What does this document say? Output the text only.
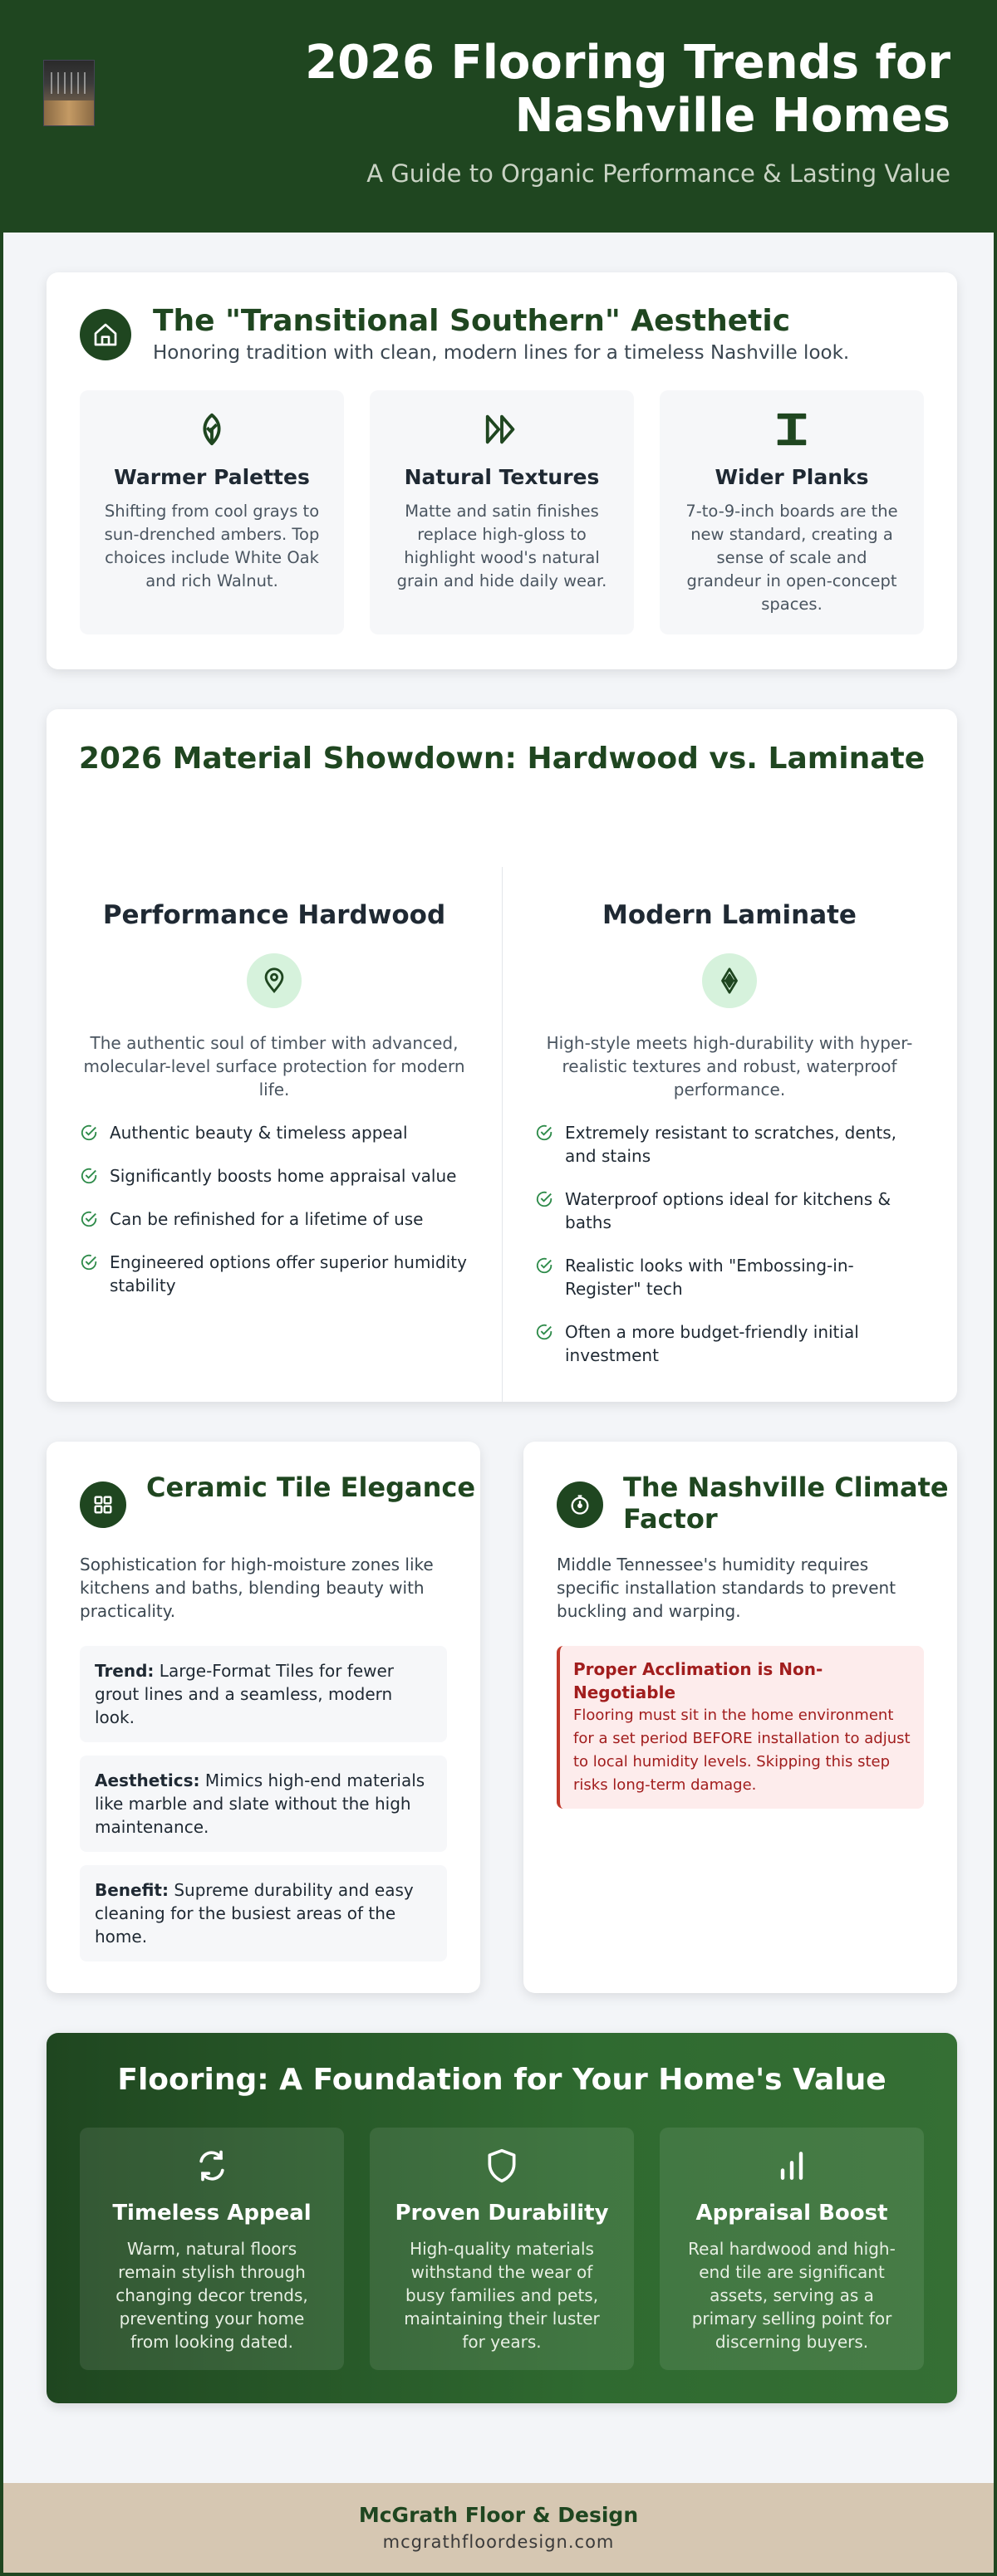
2026 Flooring Trends for Nashville Homes
A Guide to Organic Performance & Lasting Value
The "Transitional Southern" Aesthetic
Honoring tradition with clean, modern lines for a timeless Nashville look.
Warmer Palettes
Shifting from cool grays to sun-drenched ambers. Top choices include White Oak and rich Walnut.
Natural Textures
Matte and satin finishes replace high-gloss to highlight wood's natural grain and hide daily wear.
Wider Planks
7-to-9-inch boards are the new standard, creating a sense of scale and grandeur in open-concept spaces.
2026 Material Showdown: Hardwood vs. Laminate
Performance Hardwood

The authentic soul of timber with advanced, molecular-level surface protection for modern life.

Authentic beauty & timeless appeal
Significantly boosts home appraisal value
Can be refinished for a lifetime of use
Engineered options offer superior humidity stability
Modern Laminate

High-style meets high-durability with hyper-realistic textures and robust, waterproof performance.

Extremely resistant to scratches, dents, and stains
Waterproof options ideal for kitchens & baths
Realistic looks with "Embossing-in-Register" tech
Often a more budget-friendly initial investment
Ceramic Tile Elegance

Sophistication for high-moisture zones like kitchens and baths, blending beauty with practicality.

Trend: Large-Format Tiles for fewer grout lines and a seamless, modern look.
Aesthetics: Mimics high-end materials like marble and slate without the high maintenance.
Benefit: Supreme durability and easy cleaning for the busiest areas of the home.
The Nashville Climate Factor

Middle Tennessee's humidity requires specific installation standards to prevent buckling and warping.

Proper Acclimation is Non-Negotiable
Flooring must sit in the home environment for a set period BEFORE installation to adjust to local humidity levels. Skipping this step risks long-term damage.
Flooring: A Foundation for Your Home's Value
Timeless Appeal
Warm, natural floors remain stylish through changing decor trends, preventing your home from looking dated.
Proven Durability
High-quality materials withstand the wear of busy families and pets, maintaining their luster for years.
Appraisal Boost
Real hardwood and high-end tile are significant assets, serving as a primary selling point for discerning buyers.
McGrath Floor & Design
mcgrathfloordesign.com
